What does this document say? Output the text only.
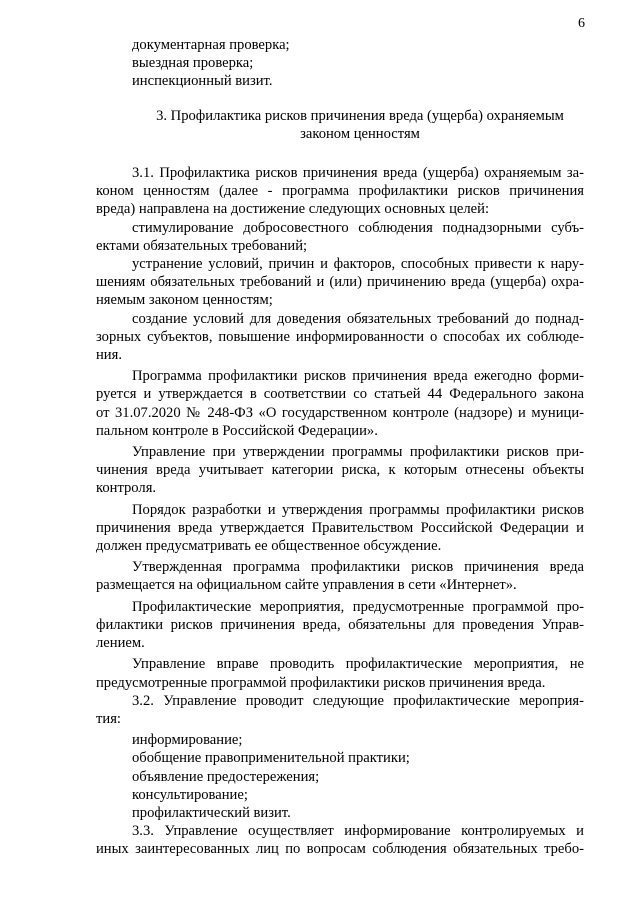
6
документарная проверка;
выездная проверка;
инспекционный визит.
3. Профилактика рисков причинения вреда (ущерба) охраняемым
законом ценностям
3.1. Профилактика рисков причинения вреда (ущерба) охраняемым за-
коном ценностям (далее - программа профилактики рисков причинения
вреда) направлена на достижение следующих основных целей:
стимулирование добросовестного соблюдения поднадзорными субъ-
ектами обязательных требований;
устранение условий, причин и факторов, способных привести к нару-
шениям обязательных требований и (или) причинению вреда (ущерба) охра-
няемым законом ценностям;
создание условий для доведения обязательных требований до поднад-
зорных субъектов, повышение информированности о способах их соблюде-
ния.
Программа профилактики рисков причинения вреда ежегодно форми-
руется и утверждается в соответствии со статьей 44 Федерального закона
от 31.07.2020 № 248-ФЗ «О государственном контроле (надзоре) и муници-
пальном контроле в Российской Федерации».
Управление при утверждении программы профилактики рисков при-
чинения вреда учитывает категории риска, к которым отнесены объекты
контроля.
Порядок разработки и утверждения программы профилактики рисков
причинения вреда утверждается Правительством Российской Федерации и
должен предусматривать ее общественное обсуждение.
Утвержденная программа профилактики рисков причинения вреда
размещается на официальном сайте управления в сети «Интернет».
Профилактические мероприятия, предусмотренные программой про-
филактики рисков причинения вреда, обязательны для проведения Управ-
лением.
Управление вправе проводить профилактические мероприятия, не
предусмотренные программой профилактики рисков причинения вреда.
3.2. Управление проводит следующие профилактические мероприя-
тия:
информирование;
обобщение правоприменительной практики;
объявление предостережения;
консультирование;
профилактический визит.
3.3. Управление осуществляет информирование контролируемых и
иных заинтересованных лиц по вопросам соблюдения обязательных требо-
